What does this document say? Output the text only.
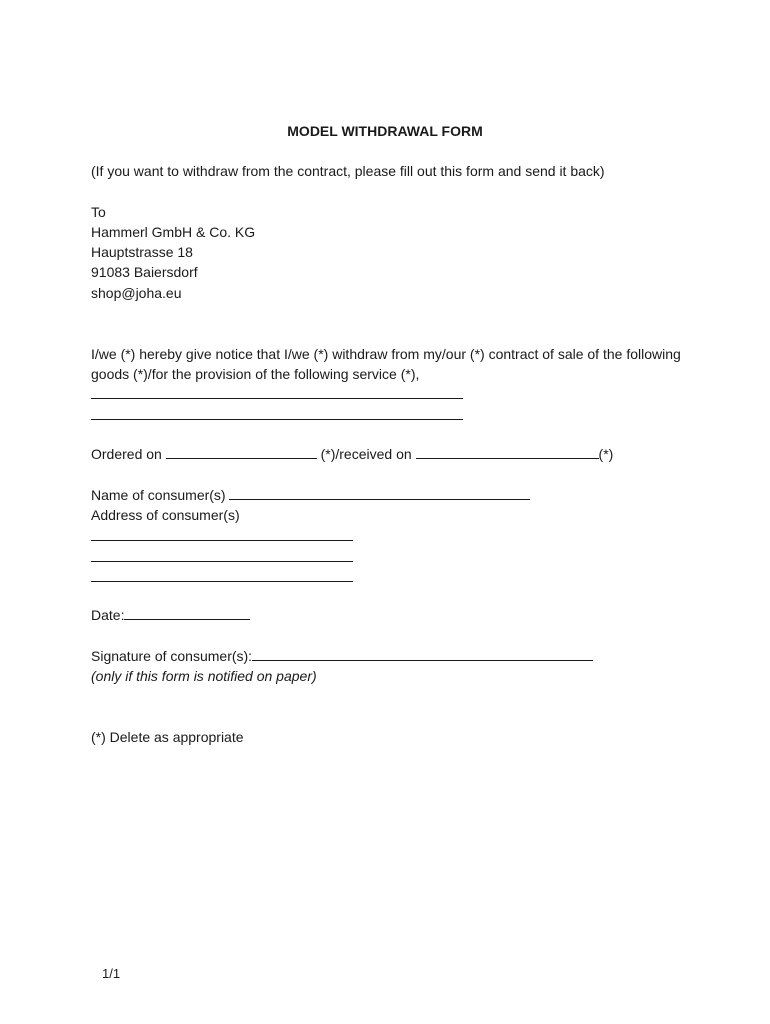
MODEL WITHDRAWAL FORM
(If you want to withdraw from the contract, please fill out this form and send it back)
To
Hammerl GmbH & Co. KG
Hauptstrasse 18
91083 Baiersdorf
shop@joha.eu
I/we (*) hereby give notice that I/we (*) withdraw from my/our (*) contract of sale of the following
goods (*)/for the provision of the following service (*),
Ordered on	(*)/received on	(*)
Name of consumer(s)
Address of consumer(s)
Date:
Signature of consumer(s):
(only if this form is notified on paper)
(*) Delete as appropriate
1/1
